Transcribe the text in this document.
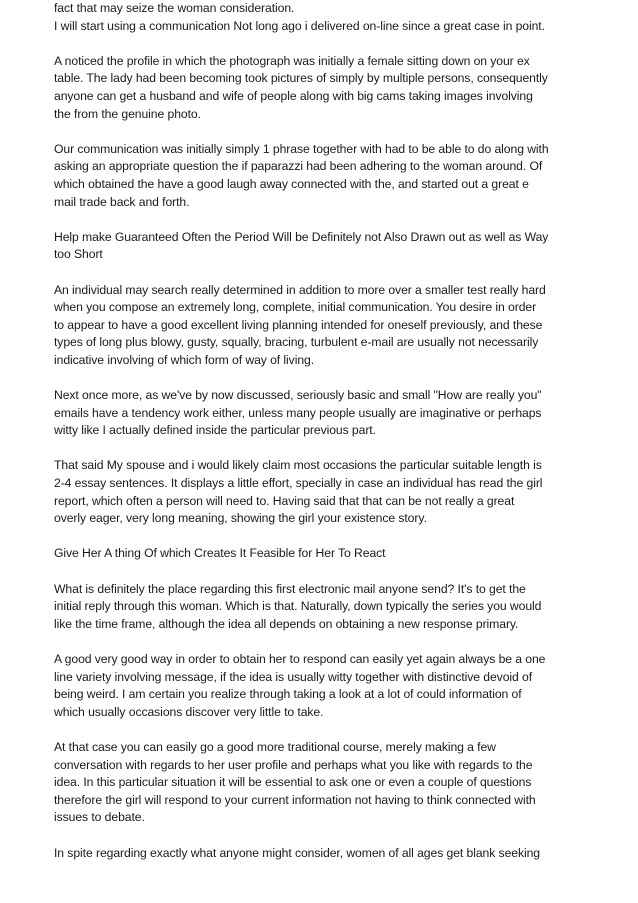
fact that may seize the woman consideration.
I will start using a communication Not long ago i delivered on-line since a great case in point.

A noticed the profile in which the photograph was initially a female sitting down on your ex
table. The lady had been becoming took pictures of simply by multiple persons, consequently
anyone can get a husband and wife of people along with big cams taking images involving
the from the genuine photo.

Our communication was initially simply 1 phrase together with had to be able to do along with
asking an appropriate question the if paparazzi had been adhering to the woman around. Of
which obtained the have a good laugh away connected with the, and started out a great e
mail trade back and forth.

Help make Guaranteed Often the Period Will be Definitely not Also Drawn out as well as Way
too Short

An individual may search really determined in addition to more over a smaller test really hard
when you compose an extremely long, complete, initial communication. You desire in order
to appear to have a good excellent living planning intended for oneself previously, and these
types of long plus blowy, gusty, squally, bracing, turbulent e-mail are usually not necessarily
indicative involving of which form of way of living.

Next once more, as we've by now discussed, seriously basic and small "How are really you"
emails have a tendency work either, unless many people usually are imaginative or perhaps
witty like I actually defined inside the particular previous part.

That said My spouse and i would likely claim most occasions the particular suitable length is
2-4 essay sentences. It displays a little effort, specially in case an individual has read the girl
report, which often a person will need to. Having said that that can be not really a great
overly eager, very long meaning, showing the girl your existence story.

Give Her A thing Of which Creates It Feasible for Her To React

What is definitely the place regarding this first electronic mail anyone send? It's to get the
initial reply through this woman. Which is that. Naturally, down typically the series you would
like the time frame, although the idea all depends on obtaining a new response primary.

A good very good way in order to obtain her to respond can easily yet again always be a one
line variety involving message, if the idea is usually witty together with distinctive devoid of
being weird. I am certain you realize through taking a look at a lot of could information of
which usually occasions discover very little to take.

At that case you can easily go a good more traditional course, merely making a few
conversation with regards to her user profile and perhaps what you like with regards to the
idea. In this particular situation it will be essential to ask one or even a couple of questions
therefore the girl will respond to your current information not having to think connected with
issues to debate.

In spite regarding exactly what anyone might consider, women of all ages get blank seeking
